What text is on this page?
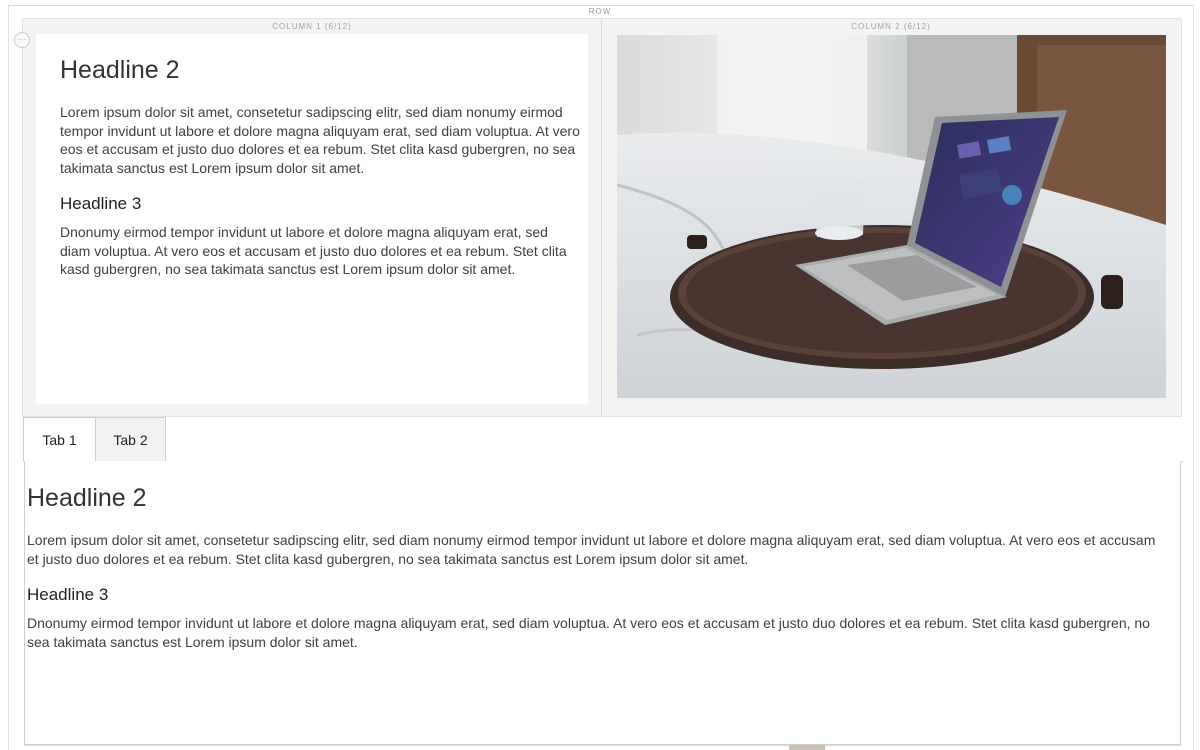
ROW
COLUMN 1 (6/12)	COLUMN 2 (6/12)
⋯
Headline 2

Lorem ipsum dolor sit amet, consetetur sadipscing elitr, sed diam nonumy eirmod tempor invidunt ut labore et dolore magna aliquyam erat, sed diam voluptua. At vero eos et accusam et justo duo dolores et ea rebum. Stet clita kasd gubergren, no sea takimata sanctus est Lorem ipsum dolor sit amet.

Headline 3

Dnonumy eirmod tempor invidunt ut labore et dolore magna aliquyam erat, sed diam voluptua. At vero eos et accusam et justo duo dolores et ea rebum. Stet clita kasd gubergren, no sea takimata sanctus est Lorem ipsum dolor sit amet.

Tab 1	Tab 2
Headline 2

Lorem ipsum dolor sit amet, consetetur sadipscing elitr, sed diam nonumy eirmod tempor invidunt ut labore et dolore magna aliquyam erat, sed diam voluptua. At vero eos et accusam et justo duo dolores et ea rebum. Stet clita kasd gubergren, no sea takimata sanctus est Lorem ipsum dolor sit amet.

Headline 3

Dnonumy eirmod tempor invidunt ut labore et dolore magna aliquyam erat, sed diam voluptua. At vero eos et accusam et justo duo dolores et ea rebum. Stet clita kasd gubergren, no sea takimata sanctus est Lorem ipsum dolor sit amet.
